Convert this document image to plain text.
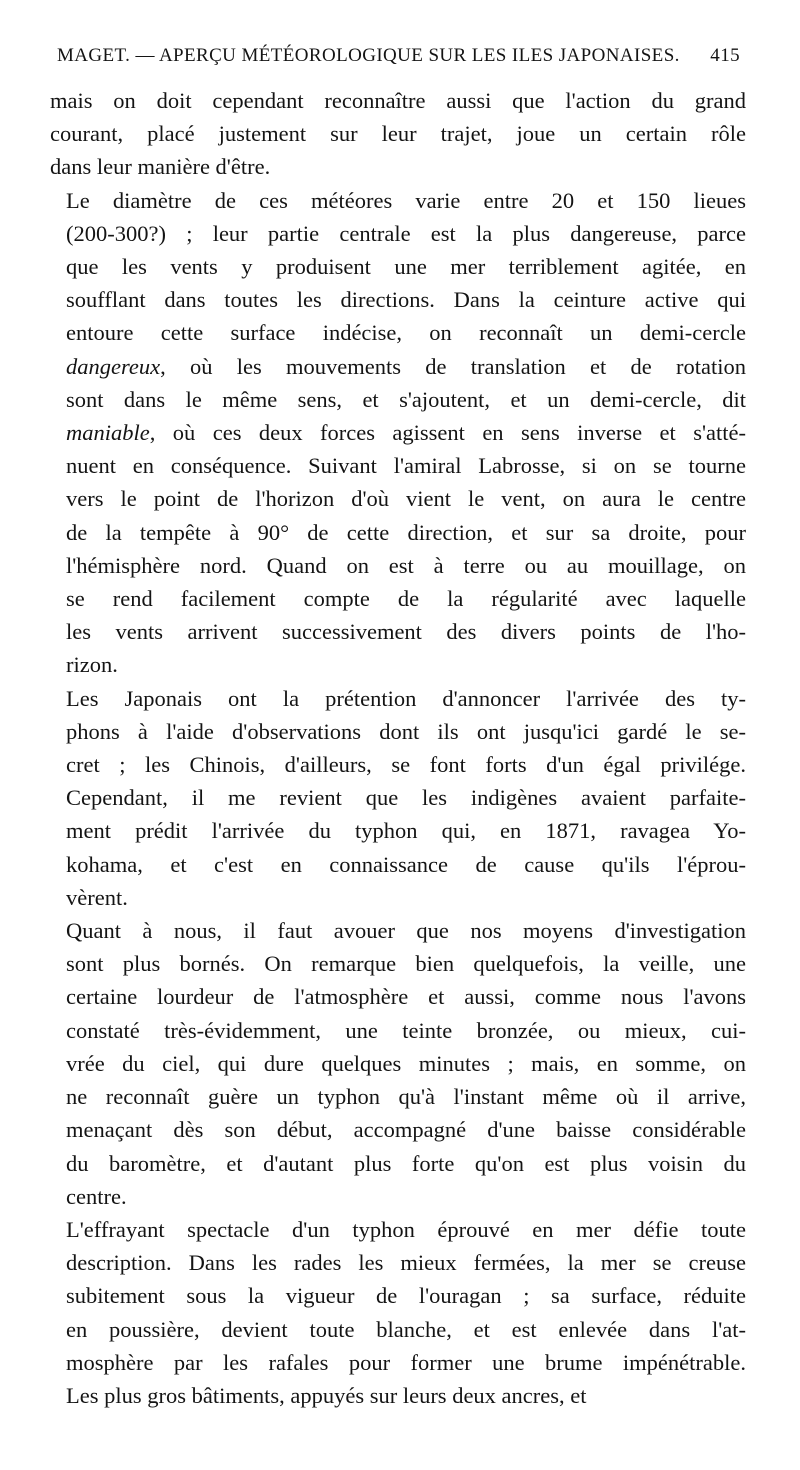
MAGET. — APERÇU MÉTÉOROLOGIQUE SUR LES ILES JAPONAISES. 415

mais on doit cependant reconnaître aussi que l'action du grand
courant, placé justement sur leur trajet, joue un certain rôle
dans leur manière d'être.

Le diamètre de ces météores varie entre 20 et 150 lieues
(200-300?) ; leur partie centrale est la plus dangereuse, parce
que les vents y produisent une mer terriblement agitée, en
soufflant dans toutes les directions. Dans la ceinture active qui
entoure cette surface indécise, on reconnaît un demi-cercle
dangereux, où les mouvements de translation et de rotation
sont dans le même sens, et s'ajoutent, et un demi-cercle, dit
maniable, où ces deux forces agissent en sens inverse et s'atté-
nuent en conséquence. Suivant l'amiral Labrosse, si on se tourne
vers le point de l'horizon d'où vient le vent, on aura le centre
de la tempête à 90° de cette direction, et sur sa droite, pour
l'hémisphère nord. Quand on est à terre ou au mouillage, on
se rend facilement compte de la régularité avec laquelle
les vents arrivent successivement des divers points de l'ho-
rizon.

Les Japonais ont la prétention d'annoncer l'arrivée des ty-
phons à l'aide d'observations dont ils ont jusqu'ici gardé le se-
cret ; les Chinois, d'ailleurs, se font forts d'un égal privilége.
Cependant, il me revient que les indigènes avaient parfaite-
ment prédit l'arrivée du typhon qui, en 1871, ravagea Yo-
kohama, et c'est en connaissance de cause qu'ils l'éprou-
vèrent.

Quant à nous, il faut avouer que nos moyens d'investigation
sont plus bornés. On remarque bien quelquefois, la veille, une
certaine lourdeur de l'atmosphère et aussi, comme nous l'avons
constaté très-évidemment, une teinte bronzée, ou mieux, cui-
vrée du ciel, qui dure quelques minutes ; mais, en somme, on
ne reconnaît guère un typhon qu'à l'instant même où il arrive,
menaçant dès son début, accompagné d'une baisse considérable
du baromètre, et d'autant plus forte qu'on est plus voisin du
centre.

L'effrayant spectacle d'un typhon éprouvé en mer défie toute
description. Dans les rades les mieux fermées, la mer se creuse
subitement sous la vigueur de l'ouragan ; sa surface, réduite
en poussière, devient toute blanche, et est enlevée dans l'at-
mosphère par les rafales pour former une brume impénétrable.
Les plus gros bâtiments, appuyés sur leurs deux ancres, et
